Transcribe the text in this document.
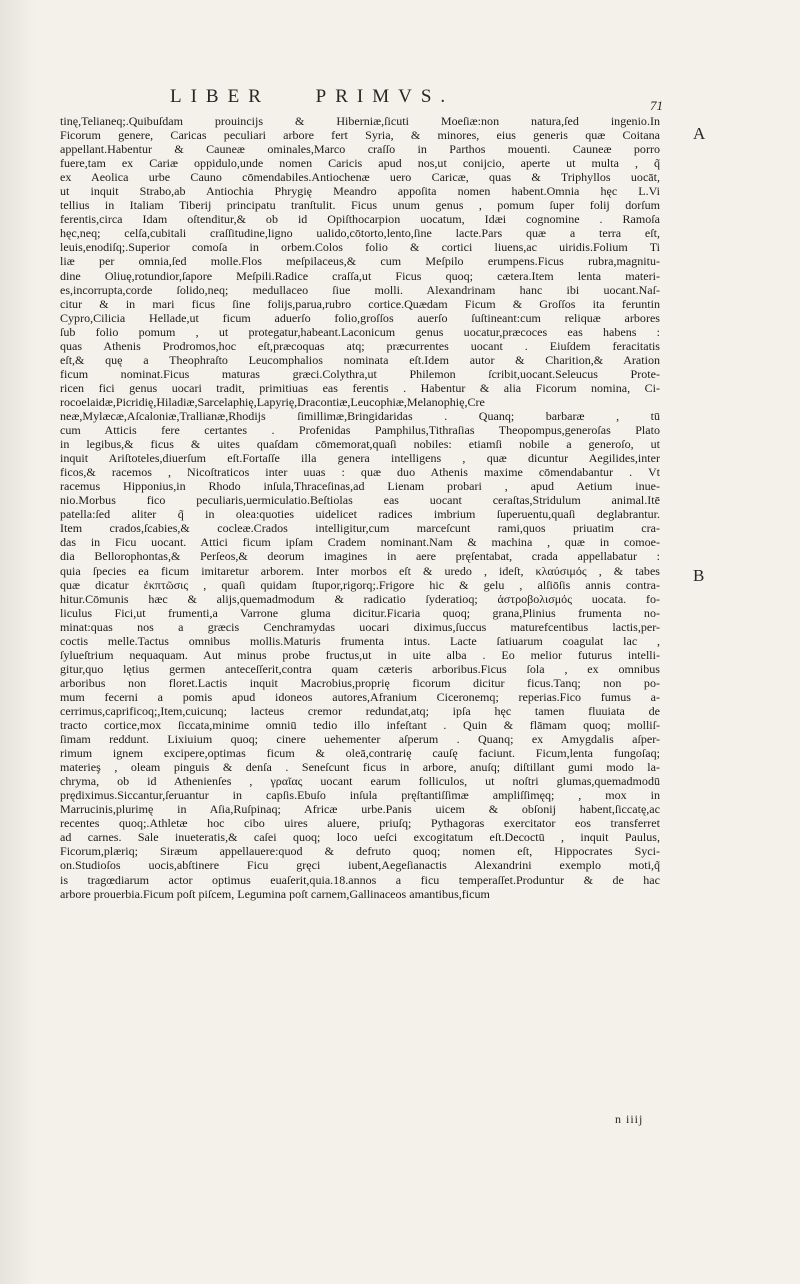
LIBER PRIMVS.	71
A
B
tinę,Telianeq;.Quibuſdam prouincijs & Hiberniæ,ſicuti Moeſiæ:non natura,ſed ingenio.In
Ficorum genere, Caricas peculiari arbore fert Syria, & minores, eius generis quæ Coitana
appellant.Habentur & Cauneæ ominales,Marco craſſo in Parthos mouenti. Cauneæ porro
fuere,tam ex Cariæ oppidulo,unde nomen Caricis apud nos,ut conijcio, aperte ut multa , q̃
ex Aeolica urbe Cauno cōmendabiles.Antiochenæ uero Caricæ, quas & Triphyllos uocāt,
ut inquit Strabo,ab Antiochia Phrygię Meandro appoſita nomen habent.Omnia hęc L.Vi
tellius in Italiam Tiberij principatu tranſtulit. Ficus unum genus , pomum ſuper folij dorſum
ferentis,circa Idam oſtenditur,& ob id Opiſthocarpion uocatum, Idæi cognomine . Ramoſa
hęc,neq; celſa,cubitali craſſitudine,ligno ualido,cōtorto,lento,ſine lacte.Pars quæ a terra eſt,
leuis,enodiſq;.Superior comoſa in orbem.Colos folio & cortici liuens,ac uiridis.Folium Ti
liæ per omnia,ſed molle.Flos meſpilaceus,& cum Meſpilo erumpens.Ficus rubra,magnitu-
dine Oliuę,rotundior,ſapore Meſpili.Radice craſſa,ut Ficus quoq; cætera.Item lenta materi-
es,incorrupta,corde ſolido,neq; medullaceo ſiue molli. Alexandrinam hanc ibi uocant.Naſ-
citur & in mari ficus ſine folijs,parua,rubro cortice.Quædam Ficum & Groſſos ita feruntin
Cypro,Cilicia Hellade,ut ficum aduerſo folio,groſſos auerſo ſuſtineant:cum reliquæ arbores
ſub folio pomum , ut protegatur,habeant.Laconicum genus uocatur,præcoces eas habens :
quas Athenis Prodromos,hoc eſt,præcoquas atq; præcurrentes uocant . Eiuſdem feracitatis
eſt,& quę a Theophraſto Leucomphalios nominata eſt.Idem autor & Charition,& Aration
ficum nominat.Ficus maturas græci.Colythra,ut Philemon ſcribit,uocant.Seleucus Prote-
ricen fici genus uocari tradit, primitiuas eas ferentis . Habentur & alia Ficorum nomina, Ci-
rocoelaidæ,Picridię,Hiladiæ,Sarcelaphię,Lapyrię,Dracontiæ,Leucophiæ,Melanophię,Cre
neæ,Mylæcæ,Aſcaloniæ,Trallianæ,Rhodijs ſimillimæ,Bringidaridas . Quanq; barbaræ , tū
cum Atticis fere certantes . Profenidas Pamphilus,Tithraſias Theopompus,generoſas Plato
in legibus,& ficus & uites quaſdam cōmemorat,quaſi nobiles: etiamſi nobile a generoſo, ut
inquit Ariſtoteles,diuerſum eſt.Fortaſſe illa genera intelligens , quæ dicuntur Aegilides,inter
ficos,& racemos , Nicoſtraticos inter uuas : quæ duo Athenis maxime cōmendabantur . Vt
racemus Hipponius,in Rhodo inſula,Thraceſinas,ad Lienam probari , apud Aetium inue-
nio.Morbus fico peculiaris,uermiculatio.Beſtiolas eas uocant ceraſtas,Stridulum animal.Itē
patella:ſed aliter q̃ in olea:quoties uidelicet radices imbrium ſuperuentu,quaſi deglabrantur.
Item crados,ſcabies,& cocleæ.Crados intelligitur,cum marceſcunt rami,quos priuatim cra-
das in Ficu uocant. Attici ficum ipſam Cradem nominant.Nam & machina , quæ in comoe-
dia Bellorophontas,& Perſeos,& deorum imagines in aere pręſentabat, crada appellabatur :
quia ſpecies ea ficum imitaretur arborem. Inter morbos eſt & uredo , ideſt, κλαύσιμός , & tabes
quæ dicatur ἐκπτῶσις , quaſi quidam ſtupor,rigorq;.Frigore hic & gelu , alſiōſis annis contra-
hitur.Cōmunis hæc & alijs,quemadmodum & radicatio ſyderatioq; ἀστροβολισμός uocata. fo-
liculus Fici,ut frumenti,a Varrone gluma dicitur.Ficaria quoq; grana,Plinius frumenta no-
minat:quas nos a græcis Cenchramydas uocari diximus,ſuccus maturefcentibus lactis,per-
coctis melle.Tactus omnibus mollis.Maturis frumenta intus. Lacte ſatiuarum coagulat lac ,
ſylueſtrium nequaquam. Aut minus probe fructus,ut in uite alba . Eo melior futurus intelli-
gitur,quo lętius germen anteceſſerit,contra quam cæteris arboribus.Ficus ſola , ex omnibus
arboribus non floret.Lactis inquit Macrobius,proprię ficorum dicitur ficus.Tanq; non po-
mum fecerni a pomis apud idoneos autores,Afranium Ciceronemq; reperias.Fico fumus a-
cerrimus,caprificoq;,Item,cuicunq; lacteus cremor redundat,atq; ipſa hęc tamen fluuiata de
tracto cortice,mox ſiccata,minime omniū tedio illo infeſtant . Quin & flāmam quoq; molliſ-
ſimam reddunt. Lixiuium quoq; cinere uehementer aſperum . Quanq; ex Amygdalis aſper-
rimum ignem excipere,optimas ficum & oleā,contrarię cauſę faciunt. Ficum,lenta fungoſaq;
materieş , oleam pinguis & denſa . Seneſcunt ficus in arbore, anuſq; diſtillant gumi modo la-
chryma, ob id Athenienſes , γραῖας uocant earum folliculos, ut noſtri glumas,quemadmodū
prędiximus.Siccantur,ſeruantur in capſis.Ebuſo inſula pręſtantiſſimæ ampliſſimęq; , mox in
Marrucinis,plurimę in Aſia,Ruſpinaq; Africæ urbe.Panis uicem & obſonij habent,ſiccatę,ac
recentes quoq;.Athletæ hoc cibo uires aluere, priuſq; Pythagoras exercitator eos transferret
ad carnes. Sale inueteratis,& caſei quoq; loco ueſci excogitatum eſt.Decoctū , inquit Paulus,
Ficorum,plæriq; Siræum appellauere:quod & defruto quoq; nomen eſt, Hippocrates Syci-
on.Studioſos uocis,abſtinere Ficu gręci iubent,Aegeſianactis Alexandrini exemplo moti,q̃
is tragœdiarum actor optimus euaſerit,quia.18.annos a ficu temperaſſet.Produntur & de hac
arbore prouerbia.Ficum poſt piſcem, Legumina poſt carnem,Gallinaceos amantibus,ficum
n iiij
